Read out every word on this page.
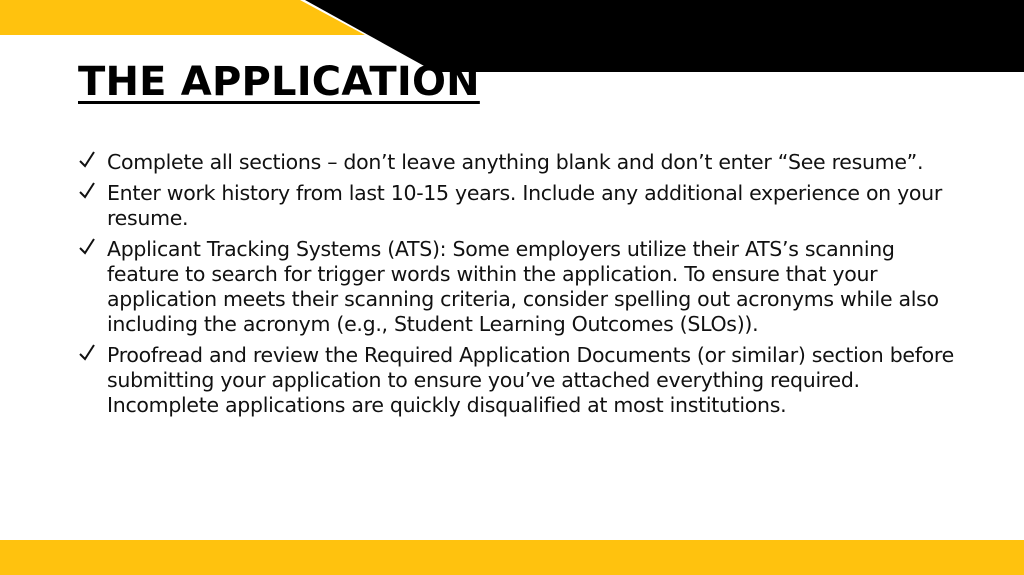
THE APPLICATION
Complete all sections – don’t leave anything blank and don’t enter “See resume”.
Enter work history from last 10-15 years. Include any additional experience on your resume.
Applicant Tracking Systems (ATS): Some employers utilize their ATS’s scanning feature to search for trigger words within the application. To ensure that your application meets their scanning criteria, consider spelling out acronyms while also including the acronym (e.g., Student Learning Outcomes (SLOs)).
Proofread and review the Required Application Documents (or similar) section before submitting your application to ensure you’ve attached everything required. Incomplete applications are quickly disqualified at most institutions.
